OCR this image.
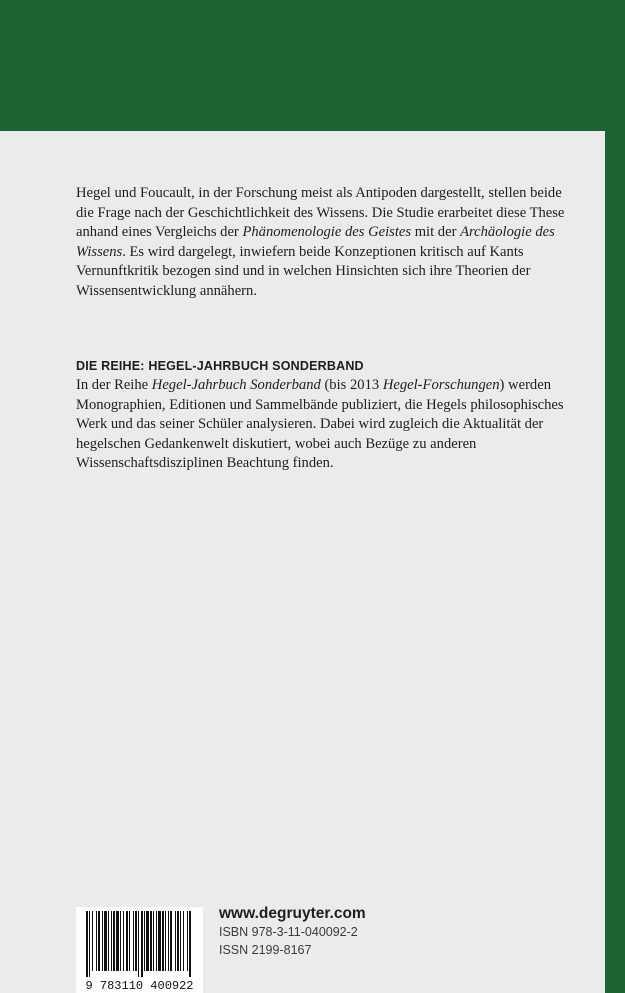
Hegel und Foucault, in der Forschung meist als Antipoden dargestellt, stellen beide die Frage nach der Geschichtlichkeit des Wissens. Die Studie erarbeitet diese These anhand eines Vergleichs der Phänomenologie des Geistes mit der Archäologie des Wissens. Es wird dargelegt, inwiefern beide Konzeptionen kritisch auf Kants Vernunftkritik bezogen sind und in welchen Hinsichten sich ihre Theorien der Wissensentwicklung annähern.
DIE REIHE: HEGEL-JAHRBUCH SONDERBAND
In der Reihe Hegel-Jahrbuch Sonderband (bis 2013 Hegel-Forschungen) werden Monographien, Editionen und Sammelbände publiziert, die Hegels philosophisches Werk und das seiner Schüler analysieren. Dabei wird zugleich die Aktualität der hegelschen Gedankenwelt diskutiert, wobei auch Bezüge zu anderen Wissenschaftsdisziplinen Beachtung finden.
9 783110 400922
www.degruyter.com
ISBN 978-3-11-040092-2
ISSN 2199-8167
